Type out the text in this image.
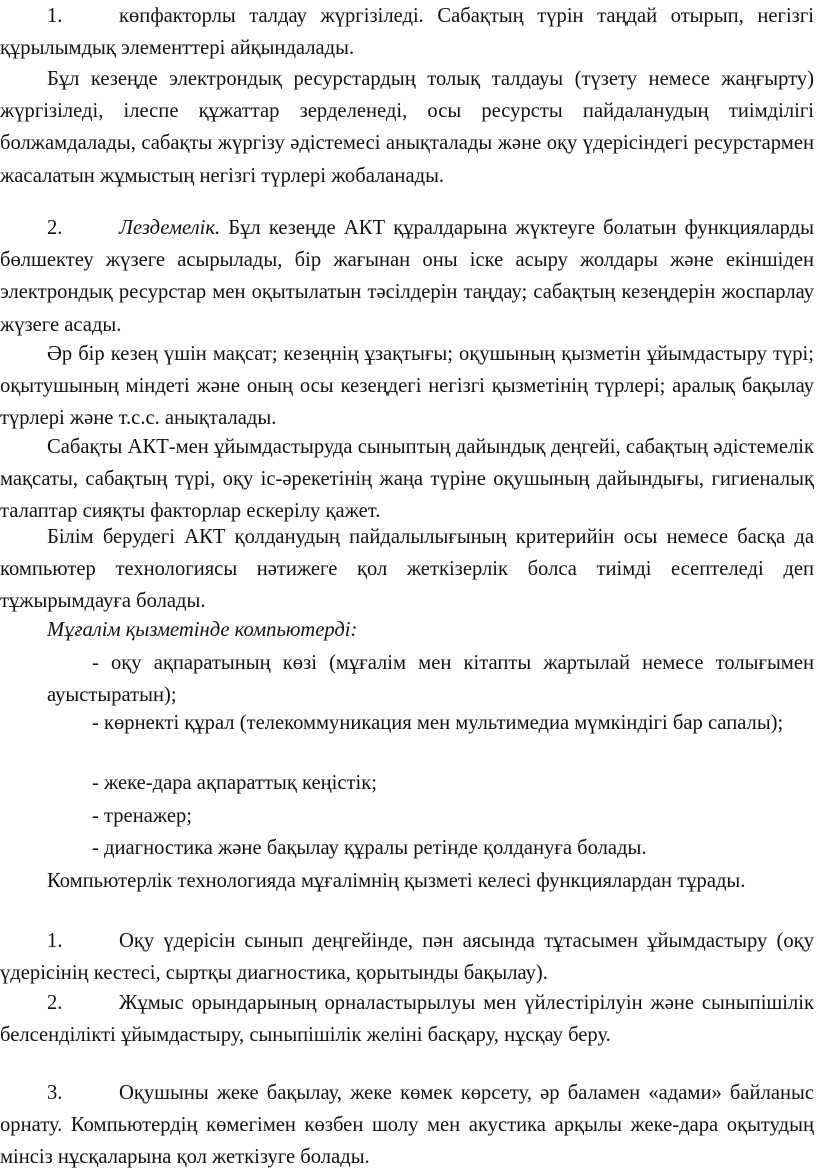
1.	көпфакторлы талдау жүргізіледі. Сабақтың түрін таңдай отырып, негізгі құрылымдық элементтері айқындалады.

Бұл кезеңде электрондық ресурстардың толық талдауы (түзету немесе жаңғырту) жүргізіледі, ілеспе құжаттар зерделенеді, осы ресурсты пайдаланудың тиімділігі болжамдалады, сабақты жүргізу әдістемесі анықталады және оқу үдерісіндегі ресурстармен жасалатын жұмыстың негізгі түрлері жобаланады.

2.	Лездемелік. Бұл кезеңде АКТ құралдарына жүктеуге болатын функцияларды бөлшектеу жүзеге асырылады, бір жағынан оны іске асыру жолдары және екіншіден электрондық ресурстар мен оқытылатын тәсілдерін таңдау; сабақтың кезеңдерін жоспарлау жүзеге асады.

Әр бір кезең үшін мақсат; кезеңнің ұзақтығы; оқушының қызметін ұйымдастыру түрі; оқытушының міндеті және оның осы кезеңдегі негізгі қызметінің түрлері; аралық бақылау түрлері және т.с.с. анықталады.

Сабақты АКТ-мен ұйымдастыруда сыныптың дайындық деңгейі, сабақтың әдістемелік мақсаты, сабақтың түрі, оқу іс-әрекетінің жаңа түріне оқушының дайындығы, гигиеналық талаптар сияқты факторлар ескерілу қажет.

Білім берудегі АКТ қолданудың пайдалылығының критерийін осы немесе басқа да компьютер технологиясы нәтижеге қол жеткізерлік болса тиімді есептеледі деп тұжырымдауға болады.

Мұғалім қызметінде компьютерді:

- оқу ақпаратының көзі (мұғалім мен кітапты жартылай немесе толығымен ауыстыратын);

- көрнекті құрал (телекоммуникация мен мультимедиа мүмкіндігі бар сапалы);

- жеке-дара ақпараттық кеңістік;

- тренажер;

- диагностика және бақылау құралы ретінде қолдануға болады.

Компьютерлік технологияда мұғалімнің қызметі келесі функциялардан тұрады.

1.	Оқу үдерісін сынып деңгейінде, пән аясында тұтасымен ұйымдастыру (оқу үдерісінің кестесі, сыртқы диагностика, қорытынды бақылау).

2.	Жұмыс орындарының орналастырылуы мен үйлестірілуін және сыныпішілік белсенділікті ұйымдастыру, сыныпішілік желіні басқару, нұсқау беру.

3.	Оқушыны жеке бақылау, жеке көмек көрсету, әр баламен «адами» байланыс орнату. Компьютердің көмегімен көзбен шолу мен акустика арқылы жеке-дара оқытудың мінсіз нұсқаларына қол жеткізуге болады.
